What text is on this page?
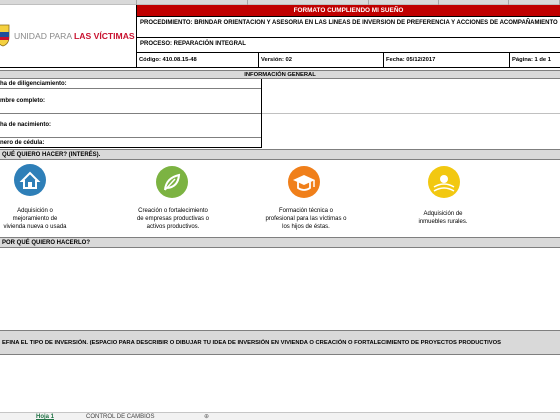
UNIDAD PARA LAS VÍCTIMAS
FORMATO CUMPLIENDO MI SUEÑO
PROCEDIMIENTO: BRINDAR ORIENTACION Y ASESORIA EN LAS LINEAS DE INVERSION DE PREFERENCIA Y ACCIONES DE ACOMPAÑAMIENTO
PROCESO: REPARACIÓN INTEGRAL
Código: 410.08.15-48	Versión: 02	Fecha: 05/12/2017	Página: 1 de 1
INFORMACIÓN GENERAL
ha de diligenciamiento:
mbre completo:
ha de nacimiento:
nero de cédula:
QUÉ QUIERO HACER? (INTERÉS).
Adquisición o
mejoramiento de
vivienda nueva o usada
Creación o fortalecimiento
de empresas productivas o
activos productivos.
Formación técnica o
profesional para las víctimas o
los hijos de éstas.
Adquisición de
inmuebles rurales.
POR QUÉ QUIERO HACERLO?
EFINA EL TIPO DE INVERSIÓN. (ESPACIO PARA DESCRIBIR O DIBUJAR TU IDEA DE INVERSIÓN EN VIVIENDA O CREACIÓN O FORTALECIMIENTO DE PROYECTOS PRODUCTIVOS
Hoja 1	CONTROL DE CAMBIOS	⊕
